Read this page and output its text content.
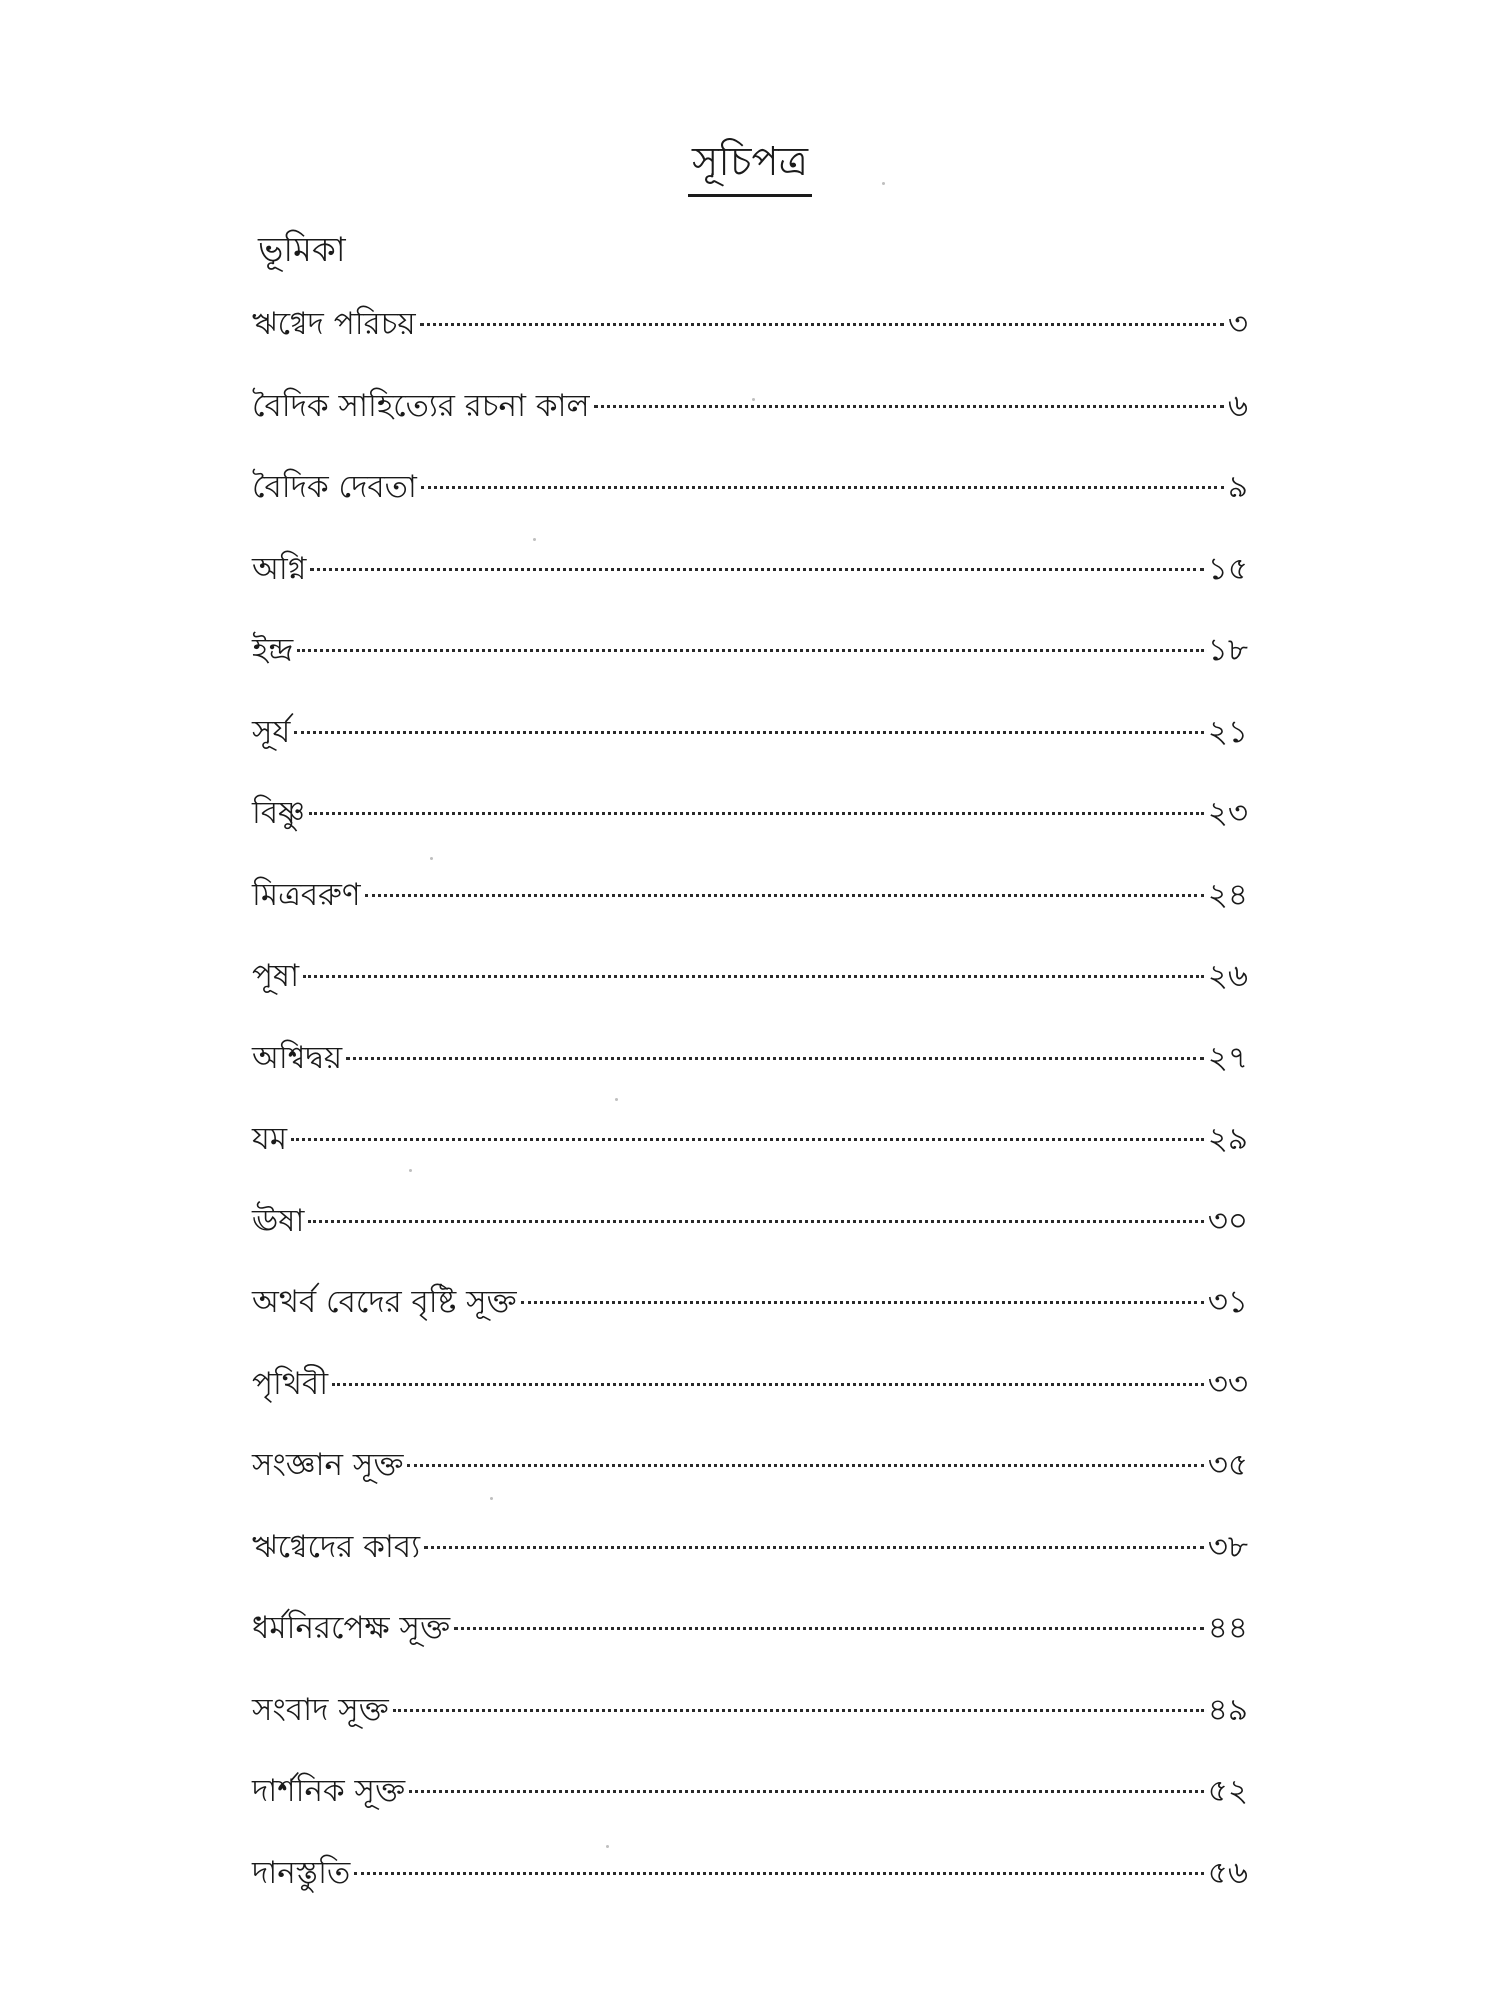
সূচিপত্র
ভূমিকা
ঋগ্বেদ পরিচয়	৩
বৈদিক সাহিত্যের রচনা কাল	৬
বৈদিক দেবতা	৯
অগ্নি	১৫
ইন্দ্র	১৮
সূর্য	২১
বিষ্ণু	২৩
মিত্রবরুণ	২৪
পূষা	২৬
অশ্বিদ্বয়	২৭
যম	২৯
ঊষা	৩০
অথর্ব বেদের বৃষ্টি সূক্ত	৩১
পৃথিবী	৩৩
সংজ্ঞান সূক্ত	৩৫
ঋগ্বেদের কাব্য	৩৮
ধর্মনিরপেক্ষ সূক্ত	৪৪
সংবাদ সূক্ত	৪৯
দার্শনিক সূক্ত	৫২
দানস্তুতি	৫৬
